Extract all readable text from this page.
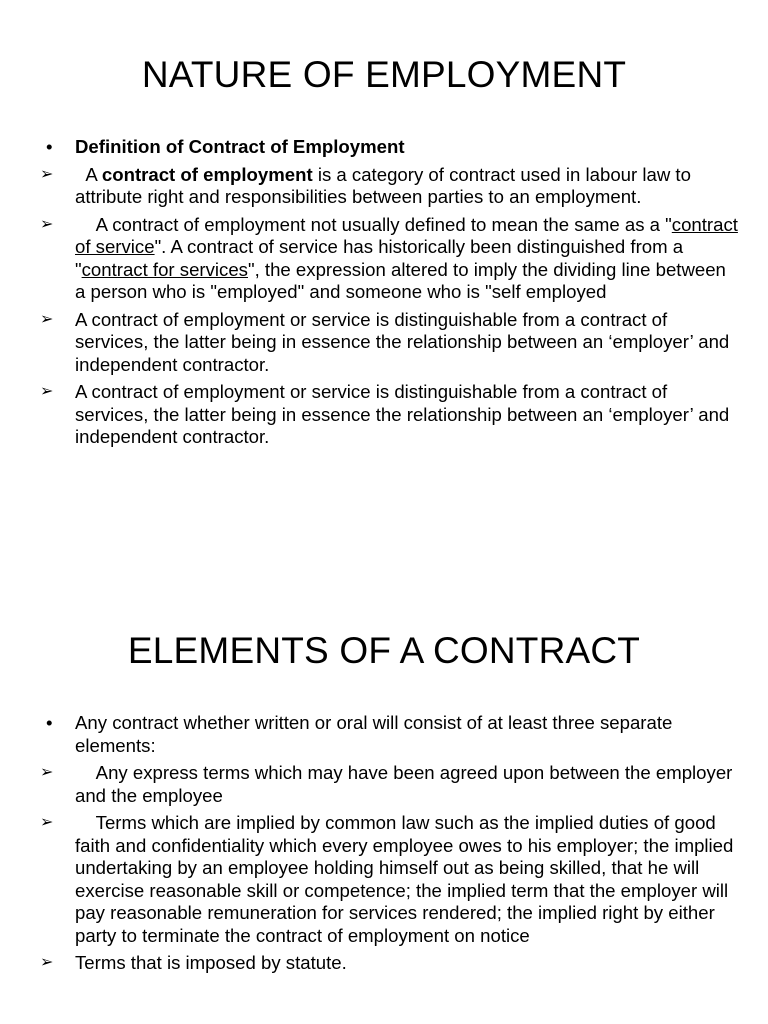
NATURE OF EMPLOYMENT
•	Definition of Contract of Employment
➢	A contract of employment is a category of contract used in labour law to attribute right and responsibilities between parties to an employment.
➢	A contract of employment not usually defined to mean the same as a "contract of service". A contract of service has historically been distinguished from a "contract for services", the expression altered to imply the dividing line between a person who is "employed" and someone who is "self employed
➢	A contract of employment or service is distinguishable from a contract of services, the latter being in essence the relationship between an ‘employer’ and independent contractor.
➢	A contract of employment or service is distinguishable from a contract of services, the latter being in essence the relationship between an ‘employer’ and independent contractor.
ELEMENTS OF A CONTRACT
•	Any contract whether written or oral will consist of at least three separate elements:
➢	Any express terms which may have been agreed upon between the employer and the employee
➢	Terms which are implied by common law such as the implied duties of good faith and confidentiality which every employee owes to his employer; the implied undertaking by an employee holding himself out as being skilled, that he will exercise reasonable skill or competence; the implied term that the employer will pay reasonable remuneration for services rendered; the implied right by either party to terminate the contract of employment on notice
➢	Terms that is imposed by statute.
